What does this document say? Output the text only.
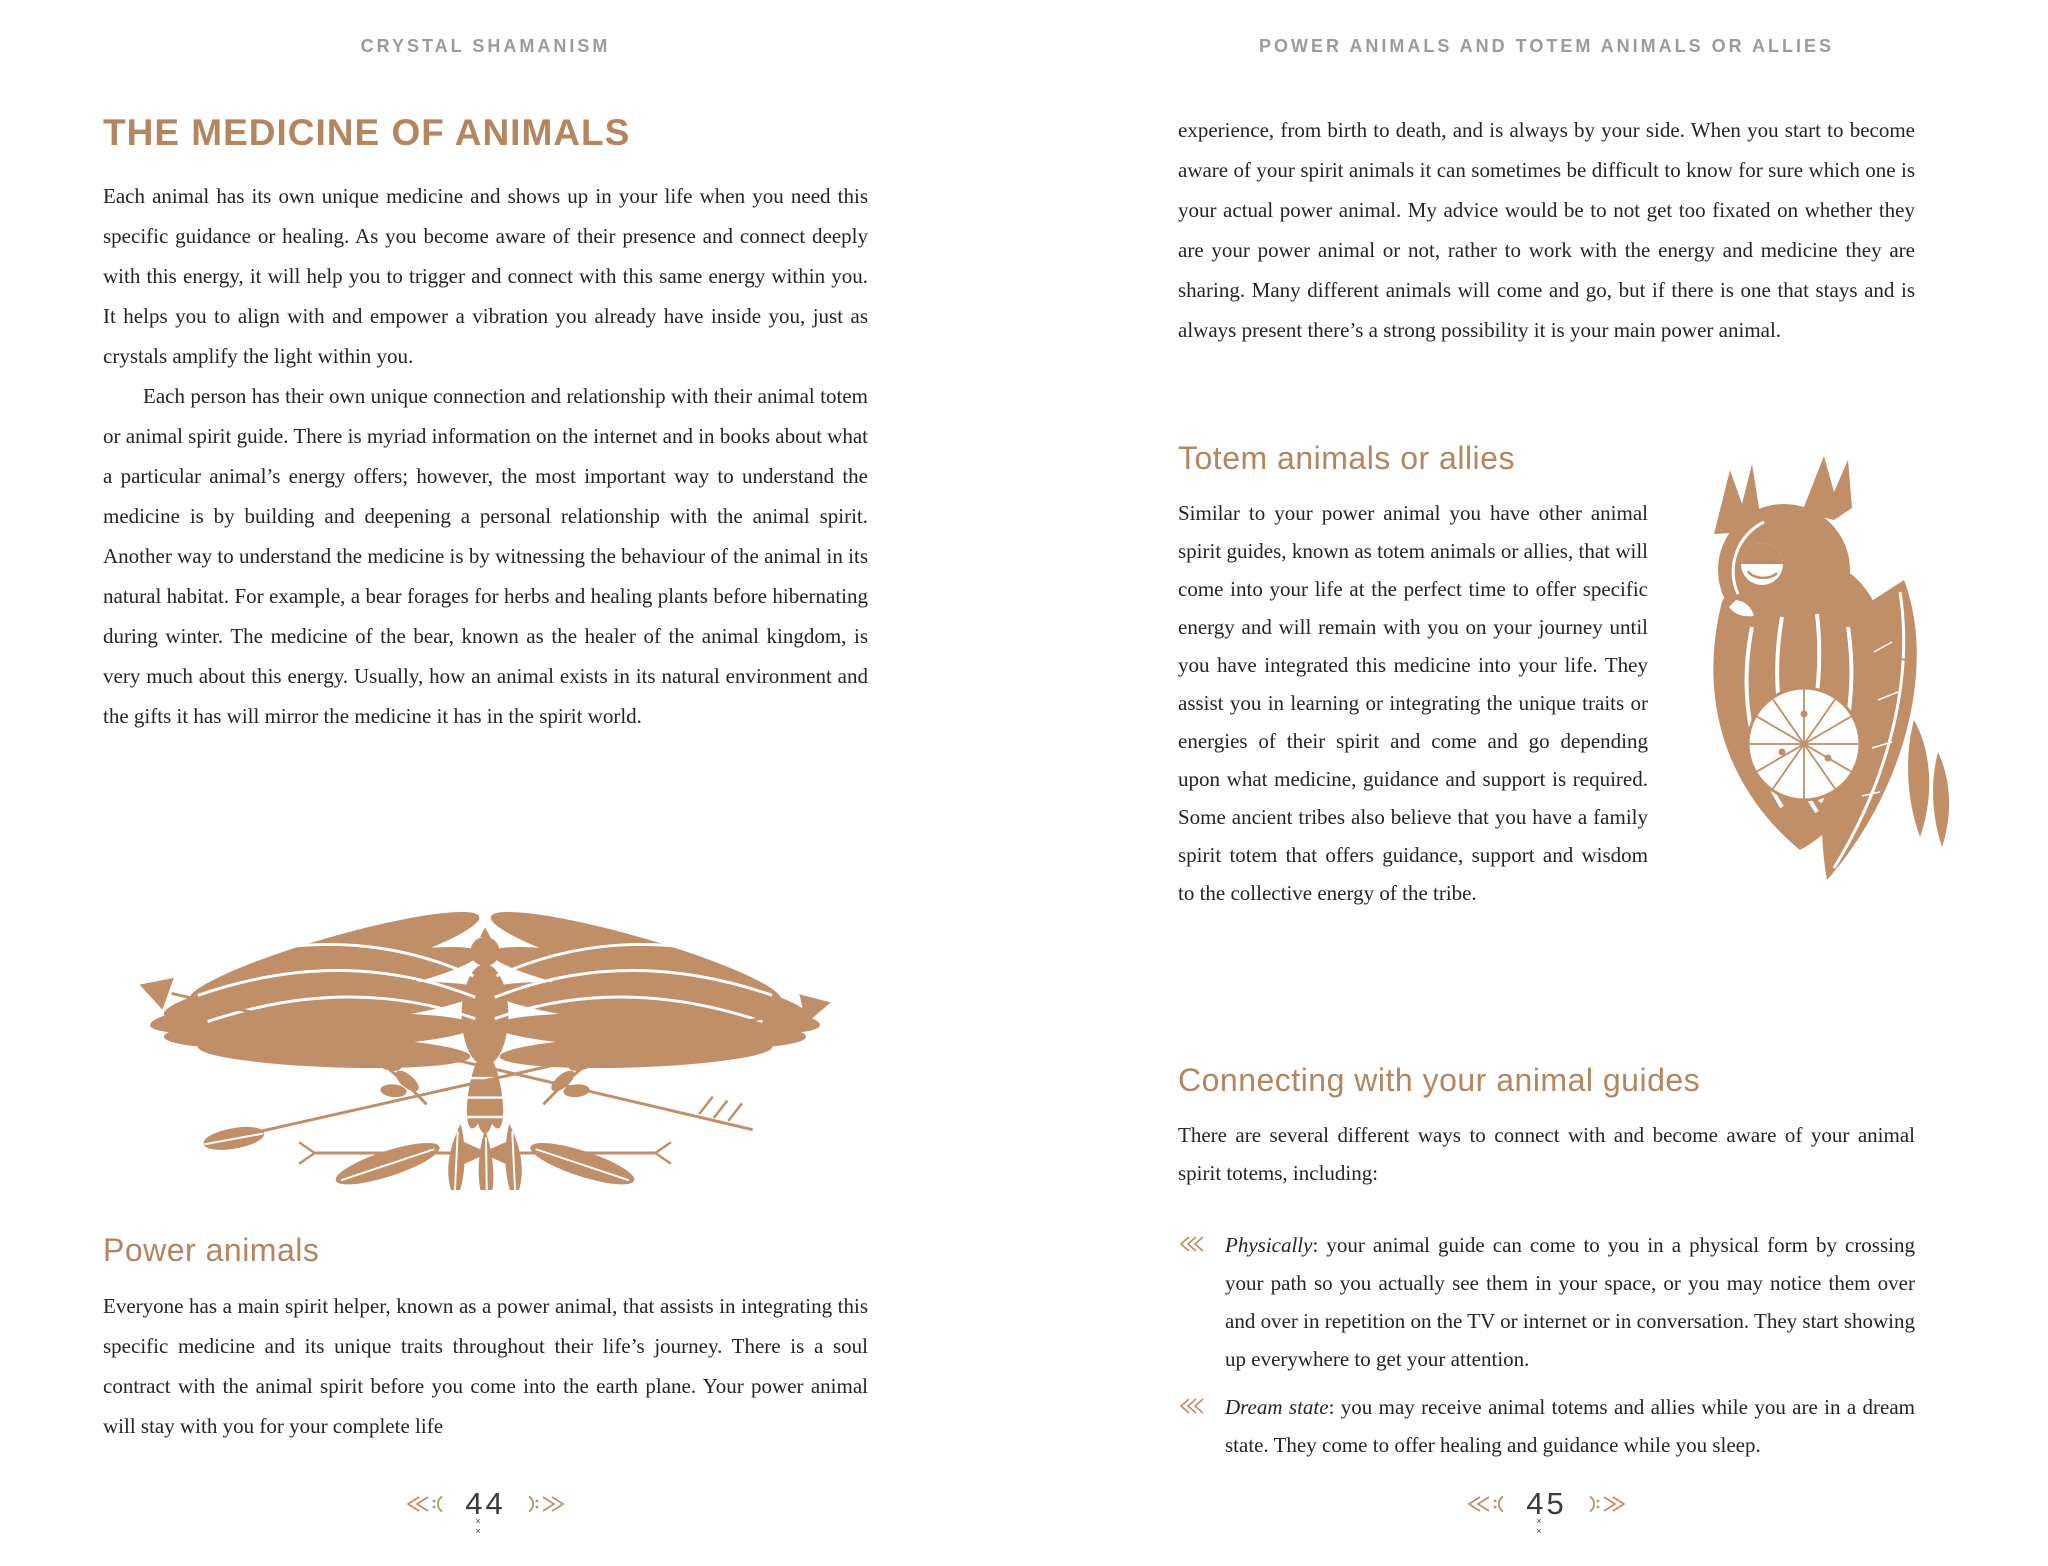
CRYSTAL SHAMANISM
THE MEDICINE OF ANIMALS

Each animal has its own unique medicine and shows up in your life when you need this specific guidance or healing. As you become aware of their presence and connect deeply with this energy, it will help you to trigger and connect with this same energy within you. It helps you to align with and empower a vibration you already have inside you, just as crystals amplify the light within you.

Each person has their own unique connection and relationship with their animal totem or animal spirit guide. There is myriad information on the internet and in books about what a particular animal’s energy offers; however, the most important way to understand the medicine is by building and deepening a personal relationship with the animal spirit. Another way to understand the medicine is by witnessing the behaviour of the animal in its natural habitat. For example, a bear forages for herbs and healing plants before hibernating during winter. The medicine of the bear, known as the healer of the animal kingdom, is very much about this energy. Usually, how an animal exists in its natural environment and the gifts it has will mirror the medicine it has in the spirit world.

Power animals

Everyone has a main spirit helper, known as a power animal, that assists in integrating this specific medicine and its unique traits throughout their life’s journey. There is a soul contract with the animal spirit before you come into the earth plane. Your power animal will stay with you for your complete life

44 × ×
POWER ANIMALS AND TOTEM ANIMALS OR ALLIES

experience, from birth to death, and is always by your side. When you start to become aware of your spirit animals it can sometimes be difficult to know for sure which one is your actual power animal. My advice would be to not get too fixated on whether they are your power animal or not, rather to work with the energy and medicine they are sharing. Many different animals will come and go, but if there is one that stays and is always present there’s a strong possibility it is your main power animal.

Totem animals or allies

Similar to your power animal you have other animal spirit guides, known as totem animals or allies, that will come into your life at the perfect time to offer specific energy and will remain with you on your journey until you have integrated this medicine into your life. They assist you in learning or integrating the unique traits or energies of their spirit and come and go depending upon what medicine, guidance and support is required. Some ancient tribes also believe that you have a family spirit totem that offers guidance, support and wisdom to the collective energy of the tribe.

Connecting with your animal guides

There are several different ways to connect with and become aware of your animal spirit totems, including:

Physically: your animal guide can come to you in a physical form by crossing your path so you actually see them in your space, or you may notice them over and over in repetition on the TV or internet or in conversation. They start showing up everywhere to get your attention.
Dream state: you may receive animal totems and allies while you are in a dream state. They come to offer healing and guidance while you sleep.
45 × ×
